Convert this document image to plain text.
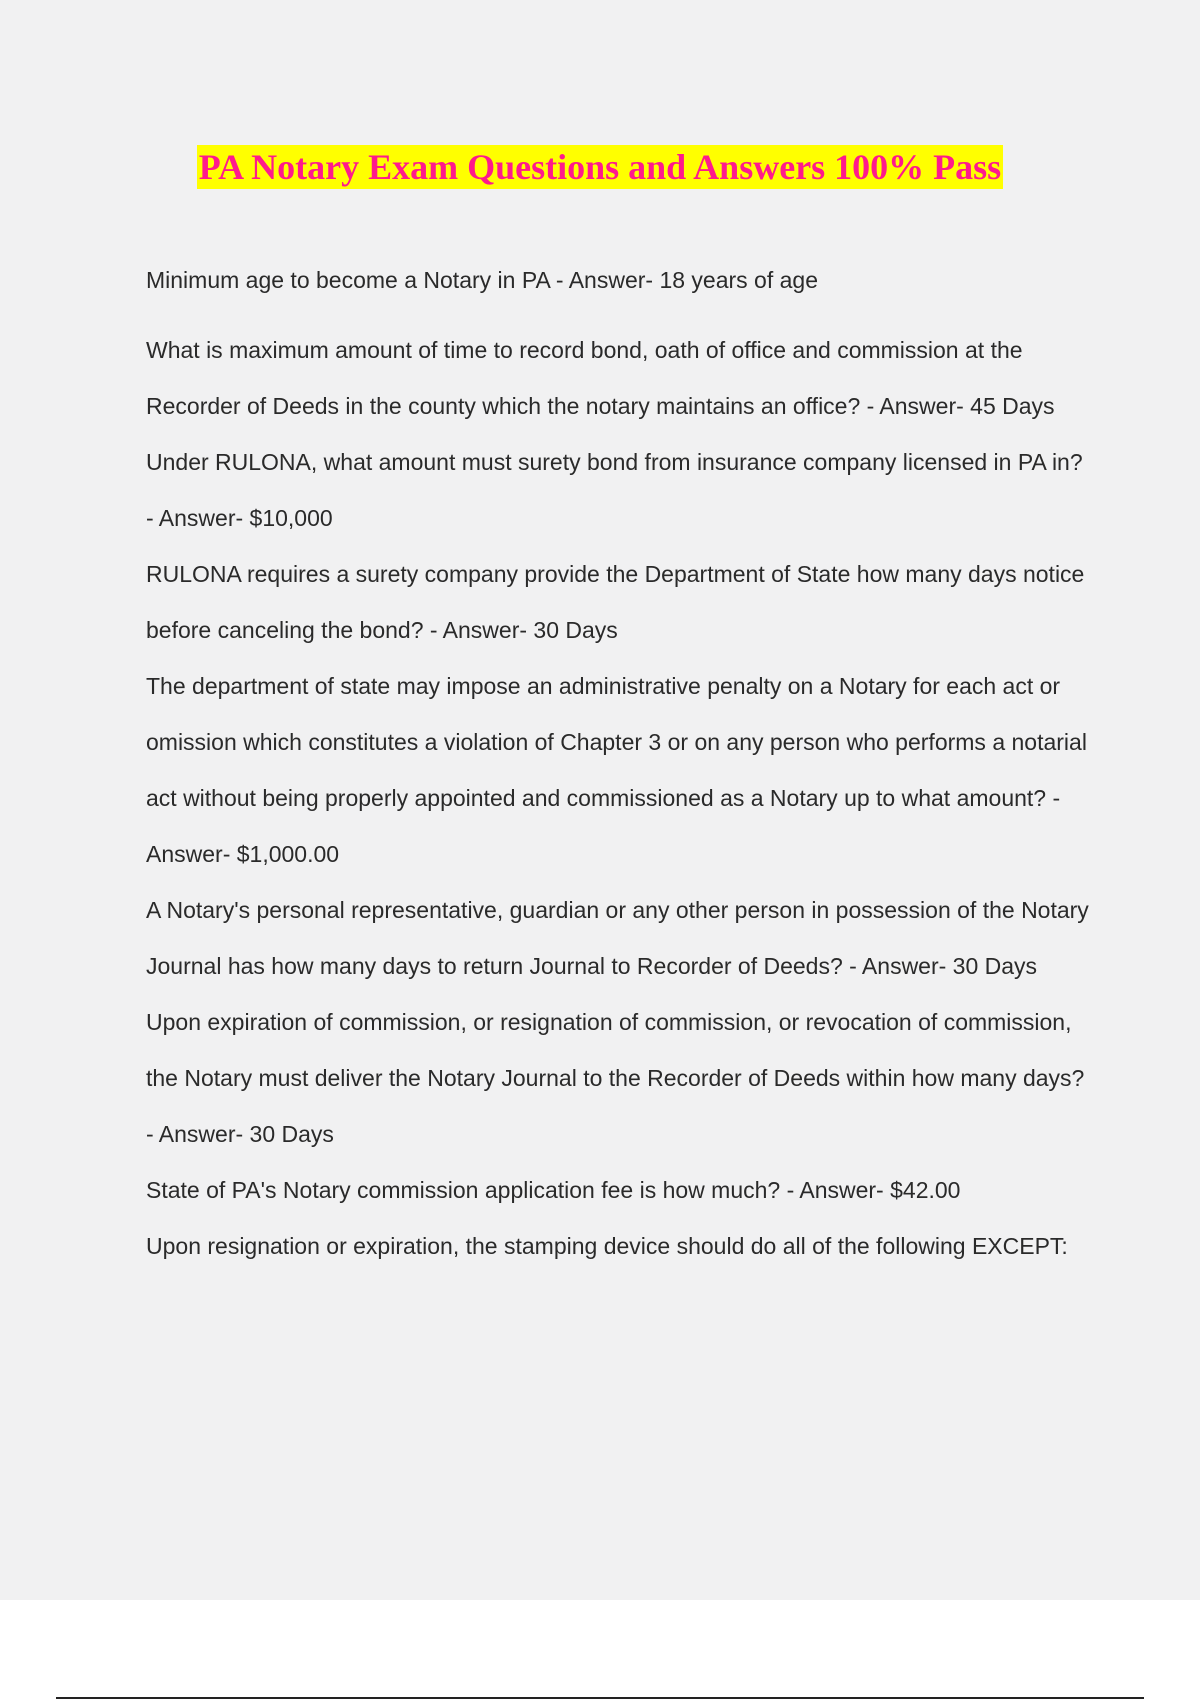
PA Notary Exam Questions and Answers 100% Pass

Minimum age to become a Notary in PA - Answer- 18 years of age

What is maximum amount of time to record bond, oath of office and commission at the Recorder of Deeds in the county which the notary maintains an office? - Answer- 45 Days

Under RULONA, what amount must surety bond from insurance company licensed in PA in? - Answer- $10,000

RULONA requires a surety company provide the Department of State how many days notice before canceling the bond? - Answer- 30 Days

The department of state may impose an administrative penalty on a Notary for each act or omission which constitutes a violation of Chapter 3 or on any person who performs a notarial act without being properly appointed and commissioned as a Notary up to what amount? - Answer- $1,000.00

A Notary's personal representative, guardian or any other person in possession of the Notary Journal has how many days to return Journal to Recorder of Deeds? - Answer- 30 Days

Upon expiration of commission, or resignation of commission, or revocation of commission, the Notary must deliver the Notary Journal to the Recorder of Deeds within how many days? - Answer- 30 Days

State of PA's Notary commission application fee is how much? - Answer- $42.00

Upon resignation or expiration, the stamping device should do all of the following EXCEPT:
